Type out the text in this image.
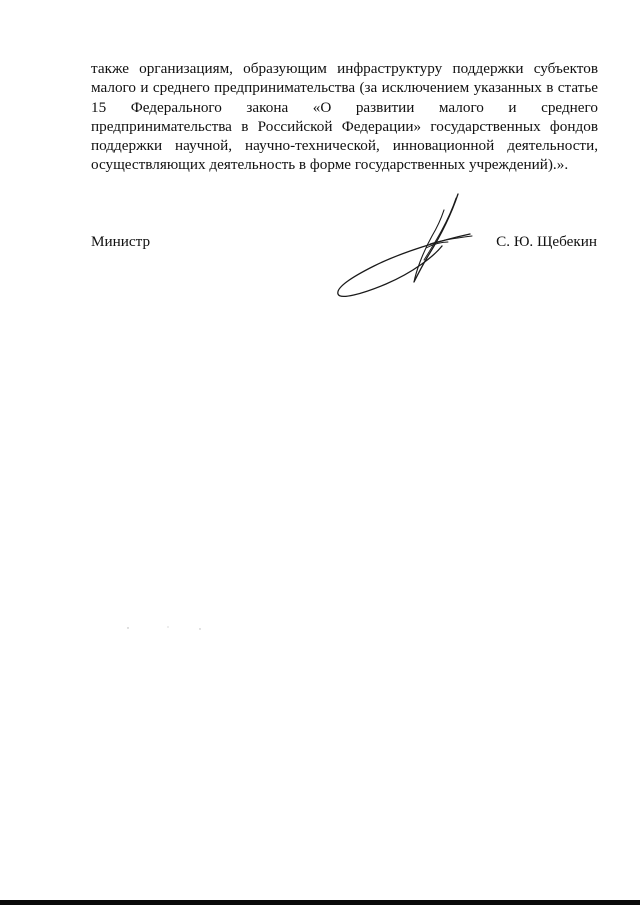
также организациям, образующим инфраструктуру поддержки субъектов
малого и среднего предпринимательства (за исключением указанных в статье
15 Федерального закона «О развитии малого и среднего
предпринимательства в Российской Федерации» государственных фондов
поддержки научной, научно-технической, инновационной деятельности,
осуществляющих деятельность в форме государственных учреждений).».
Министр	С. Ю. Щебекин
